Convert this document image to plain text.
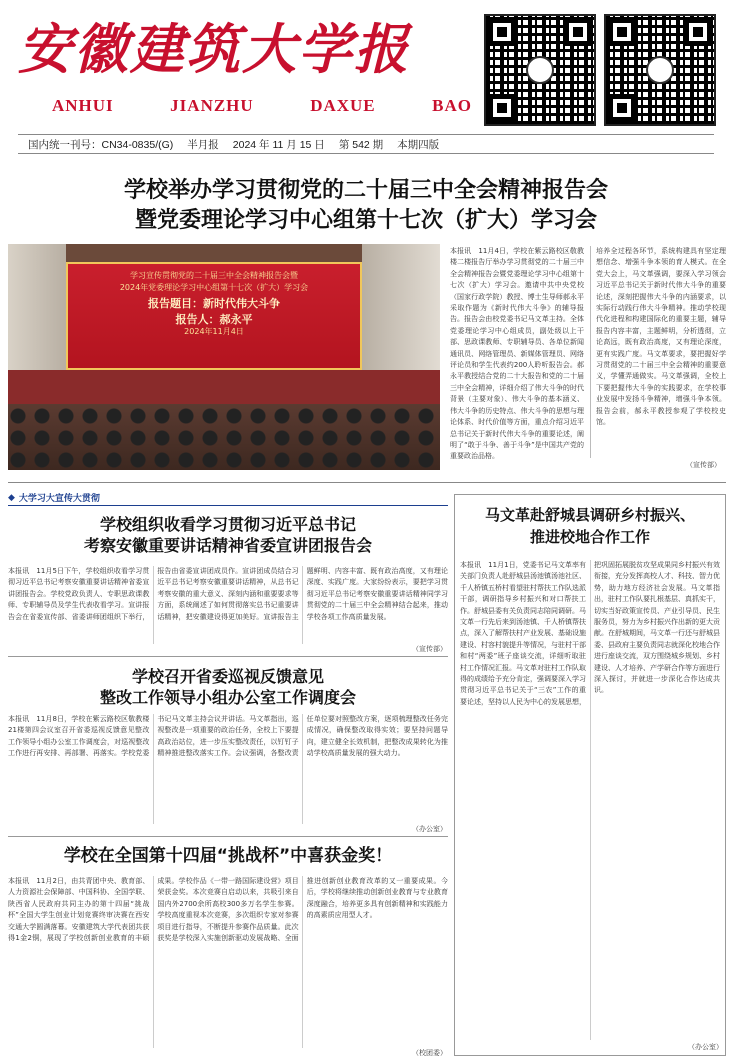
安徽建筑大学报
ANHUI	JIANZHU	DAXUE	BAO
国内统一刊号：CN34-0835/(G) 半月报 2024 年 11 月 15 日 第 542 期 本期四版
学校举办学习贯彻党的二十届三中全会精神报告会
暨党委理论学习中心组第十七次（扩大）学习会
学习宣传贯彻党的二十届三中全会精神报告会暨
2024年党委理论学习中心组第十七次（扩大）学习会
报告题目：新时代伟大斗争
报告人：郝永平
2024年11月4日
本报讯　11月4日，学校在紫云路校区敬教楼二楼报告厅举办学习贯彻党的二十届三中全会精神报告会暨党委理论学习中心组第十七次（扩大）学习会。邀请中共中央党校（国家行政学院）教授、博士生导师郝永平采取作题为《新时代伟大斗争》的辅导报告。报告会由校党委书记马文革主持。全体党委理论学习中心组成员，副处级以上干部、思政课教师、专职辅导员、各单位新闻通讯员、网络管理员、新媒体管理员、网络评论员和学生代表约200人聆听报告会。郝永平教授结合党的二十大报告和党的二十届三中全会精神，详细介绍了伟大斗争的时代背景（主要对象）、伟大斗争的基本涵义、伟大斗争的历史特点、伟大斗争的思想与理论体系、时代价值等方面，重点介绍习近平总书记关于新时代伟大斗争的重要论述，阐明了“敢于斗争、善于斗争”是中国共产党的重要政治品格。
培养全过程各环节，系统构建具有坚定理想信念、增强斗争本领的育人模式。在全党大会上，马文革强调，要深入学习领会习近平总书记关于新时代伟大斗争的重要论述，深刻把握伟大斗争的内涵要求，以实际行动践行伟大斗争精神。推动学校现代化进程和构建国际化的重要主题，辅导报告内容丰富，主题鲜明，分析透彻，立论高远，既有政治高度，又有理论深度，更有实践广度。马文革要求，要把握好学习贯彻党的二十届三中全会精神的重要意义，学懂弄通做实。马文革强调，全校上下要把握伟大斗争的实践要求，在学校事业发展中发扬斗争精神，增强斗争本领。报告会前，郝永平教授参观了学校校史馆。
（宣传部）
◆ 大学习大宣传大贯彻
学校组织收看学习贯彻习近平总书记
考察安徽重要讲话精神省委宣讲团报告会
本报讯　11月5日下午，学校组织收看学习贯彻习近平总书记考察安徽重要讲话精神省委宣讲团报告会。学校党政负责人、专职思政课教师、专职辅导员及学生代表收看学习。宣讲报告会在省委宣传部、省委讲师团组织下举行，报告由省委宣讲团成员作。宣讲团成员结合习近平总书记考察安徽重要讲话精神，从总书记考察安徽的重大意义、深刻内涵和重要要求等方面，系统阐述了如何贯彻落实总书记重要讲话精神，把安徽建设得更加美好。宣讲报告主题鲜明、内容丰富、既有政治高度，又有理论深度、实践广度。大家纷纷表示，要把学习贯彻习近平总书记考察安徽重要讲话精神同学习贯彻党的二十届三中全会精神结合起来，推动学校各项工作高质量发展。
（宣传部）
学校召开省委巡视反馈意见
整改工作领导小组办公室工作调度会
本报讯　11月8日，学校在紫云路校区敬教楼21楼第四会议室召开省委巡视反馈意见整改工作领导小组办公室工作调度会，对巡视整改工作进行再安排、再部署、再落实。学校党委书记马文革主持会议并讲话。马文革指出，巡视整改是一项重要的政治任务，全校上下要提高政治站位，进一步压实整改责任，以钉钉子精神推进整改落实工作。会议强调，各整改责任单位要对照整改方案，逐项梳理整改任务完成情况，确保整改取得实效；要坚持问题导向，建立健全长效机制，把整改成果转化为推动学校高质量发展的强大动力。
（办公室）
学校在全国第十四届“挑战杯”中喜获金奖！
本报讯　11月2日，由共青团中央、教育部、人力资源社会保障部、中国科协、全国学联、陕西省人民政府共同主办的第十四届“挑战杯”全国大学生创业计划竞赛终审决赛在西安交通大学圆满落幕。安徽建筑大学代表团共获得1金2铜，展现了学校创新创业教育的丰硕成果。学校作品《一带一路国际建设营》项目荣获金奖。本次竞赛自启动以来，共吸引来自国内外2700余所高校300多万名学生参赛。学校高度重视本次竞赛，多次组织专家对参赛项目进行指导，不断提升参赛作品质量。此次获奖是学校深入实施创新驱动发展战略、全面推进创新创业教育改革的又一重要成果。今后，学校将继续推动创新创业教育与专业教育深度融合，培养更多具有创新精神和实践能力的高素质应用型人才。
（校团委）
马文革赴舒城县调研乡村振兴、
推进校地合作工作
本报讯　11月1日，党委书记马文革率有关部门负责人赴舒城县汤池镇汤池社区、千人桥镇五桥村看望驻村帮扶工作队选派干部，调研指导乡村振兴和对口帮扶工作。舒城县委有关负责同志陪同调研。马文革一行先后来到汤池镇、千人桥镇帮扶点，深入了解帮扶村产业发展、基础设施建设、村容村貌提升等情况，与驻村干部和村“两委”班子座谈交流，详细听取驻村工作情况汇报。马文革对驻村工作队取得的成绩给予充分肯定，强调要深入学习贯彻习近平总书记关于“三农”工作的重要论述，坚持以人民为中心的发展思想，把巩固拓展脱贫攻坚成果同乡村振兴有效衔接，充分发挥高校人才、科技、智力优势，助力地方经济社会发展。马文革指出，驻村工作队要扎根基层、真抓实干，切实当好政策宣传员、产业引导员、民生服务员，努力为乡村振兴作出新的更大贡献。在舒城期间，马文革一行还与舒城县委、县政府主要负责同志就深化校地合作进行座谈交流，双方围绕城乡规划、乡村建设、人才培养、产学研合作等方面进行深入探讨，并就进一步深化合作达成共识。
（办公室）
